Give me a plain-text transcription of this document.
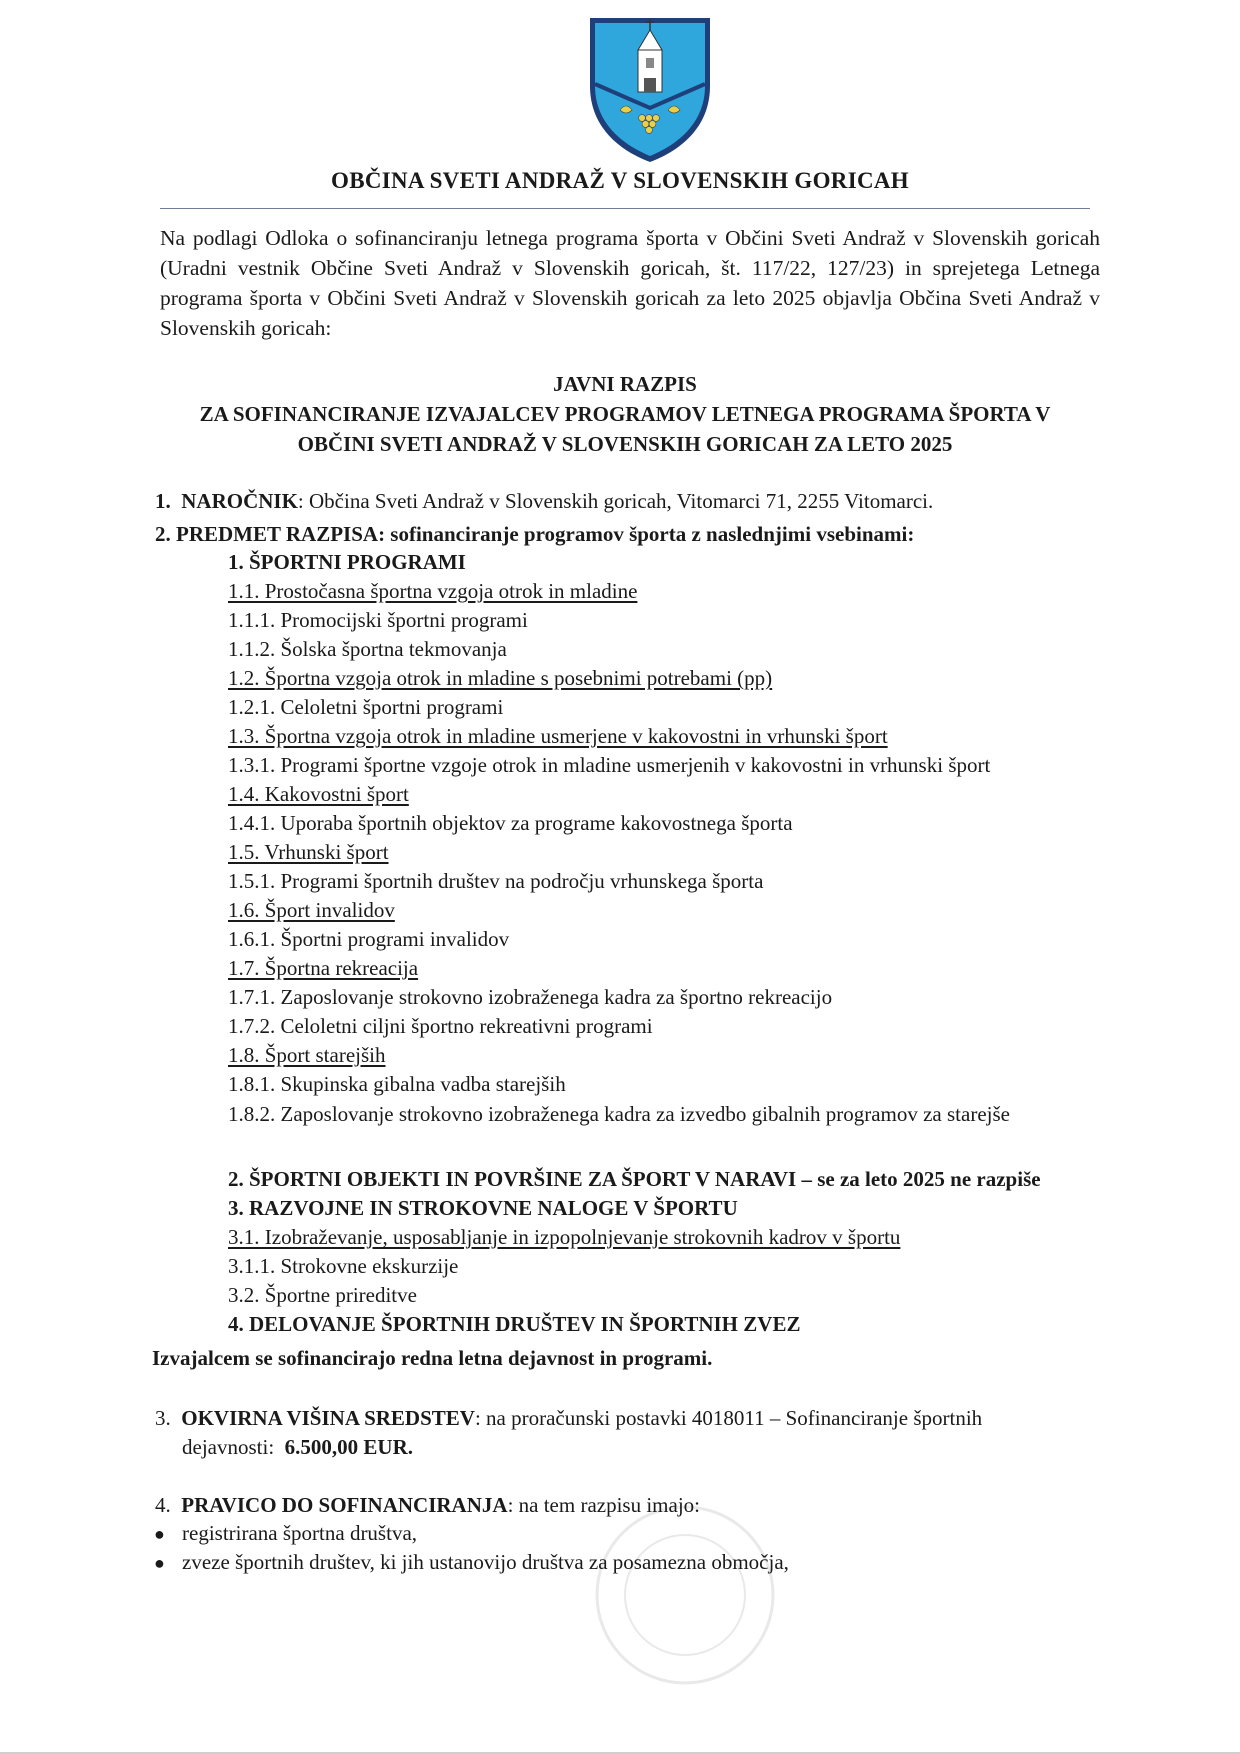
OBČINA SVETI ANDRAŽ V SLOVENSKIH GORICAH
Na podlagi Odloka o sofinanciranju letnega programa športa v Občini Sveti Andraž v Slovenskih goricah (Uradni vestnik Občine Sveti Andraž v Slovenskih goricah, št. 117/22, 127/23) in sprejetega Letnega programa športa v Občini Sveti Andraž v Slovenskih goricah za leto 2025 objavlja Občina Sveti Andraž v Slovenskih goricah:
JAVNI RAZPIS
ZA SOFINANCIRANJE IZVAJALCEV PROGRAMOV LETNEGA PROGRAMA ŠPORTA V
OBČINI SVETI ANDRAŽ V SLOVENSKIH GORICAH ZA LETO 2025
1. NAROČNIK: Občina Sveti Andraž v Slovenskih goricah, Vitomarci 71, 2255 Vitomarci.
2. PREDMET RAZPISA: sofinanciranje programov športa z naslednjimi vsebinami:
1. ŠPORTNI PROGRAMI
1.1. Prostočasna športna vzgoja otrok in mladine
1.1.1. Promocijski športni programi
1.1.2. Šolska športna tekmovanja
1.2. Športna vzgoja otrok in mladine s posebnimi potrebami (pp)
1.2.1. Celoletni športni programi
1.3. Športna vzgoja otrok in mladine usmerjene v kakovostni in vrhunski šport
1.3.1. Programi športne vzgoje otrok in mladine usmerjenih v kakovostni in vrhunski šport
1.4. Kakovostni šport
1.4.1. Uporaba športnih objektov za programe kakovostnega športa
1.5. Vrhunski šport
1.5.1. Programi športnih društev na področju vrhunskega športa
1.6. Šport invalidov
1.6.1. Športni programi invalidov
1.7. Športna rekreacija
1.7.1. Zaposlovanje strokovno izobraženega kadra za športno rekreacijo
1.7.2. Celoletni ciljni športno rekreativni programi
1.8. Šport starejših
1.8.1. Skupinska gibalna vadba starejših
1.8.2. Zaposlovanje strokovno izobraženega kadra za izvedbo gibalnih programov za starejše
2. ŠPORTNI OBJEKTI IN POVRŠINE ZA ŠPORT V NARAVI – se za leto 2025 ne razpiše
3. RAZVOJNE IN STROKOVNE NALOGE V ŠPORTU
3.1. Izobraževanje, usposabljanje in izpopolnjevanje strokovnih kadrov v športu
3.1.1. Strokovne ekskurzije
3.2. Športne prireditve
4. DELOVANJE ŠPORTNIH DRUŠTEV IN ŠPORTNIH ZVEZ
Izvajalcem se sofinancirajo redna letna dejavnost in programi.
3. OKVIRNA VIŠINA SREDSTEV: na proračunski postavki 4018011 – Sofinanciranje športnih
dejavnosti: 6.500,00 EUR.
4. PRAVICO DO SOFINANCIRANJA: na tem razpisu imajo:
● registrirana športna društva,
● zveze športnih društev, ki jih ustanovijo društva za posamezna območja,
